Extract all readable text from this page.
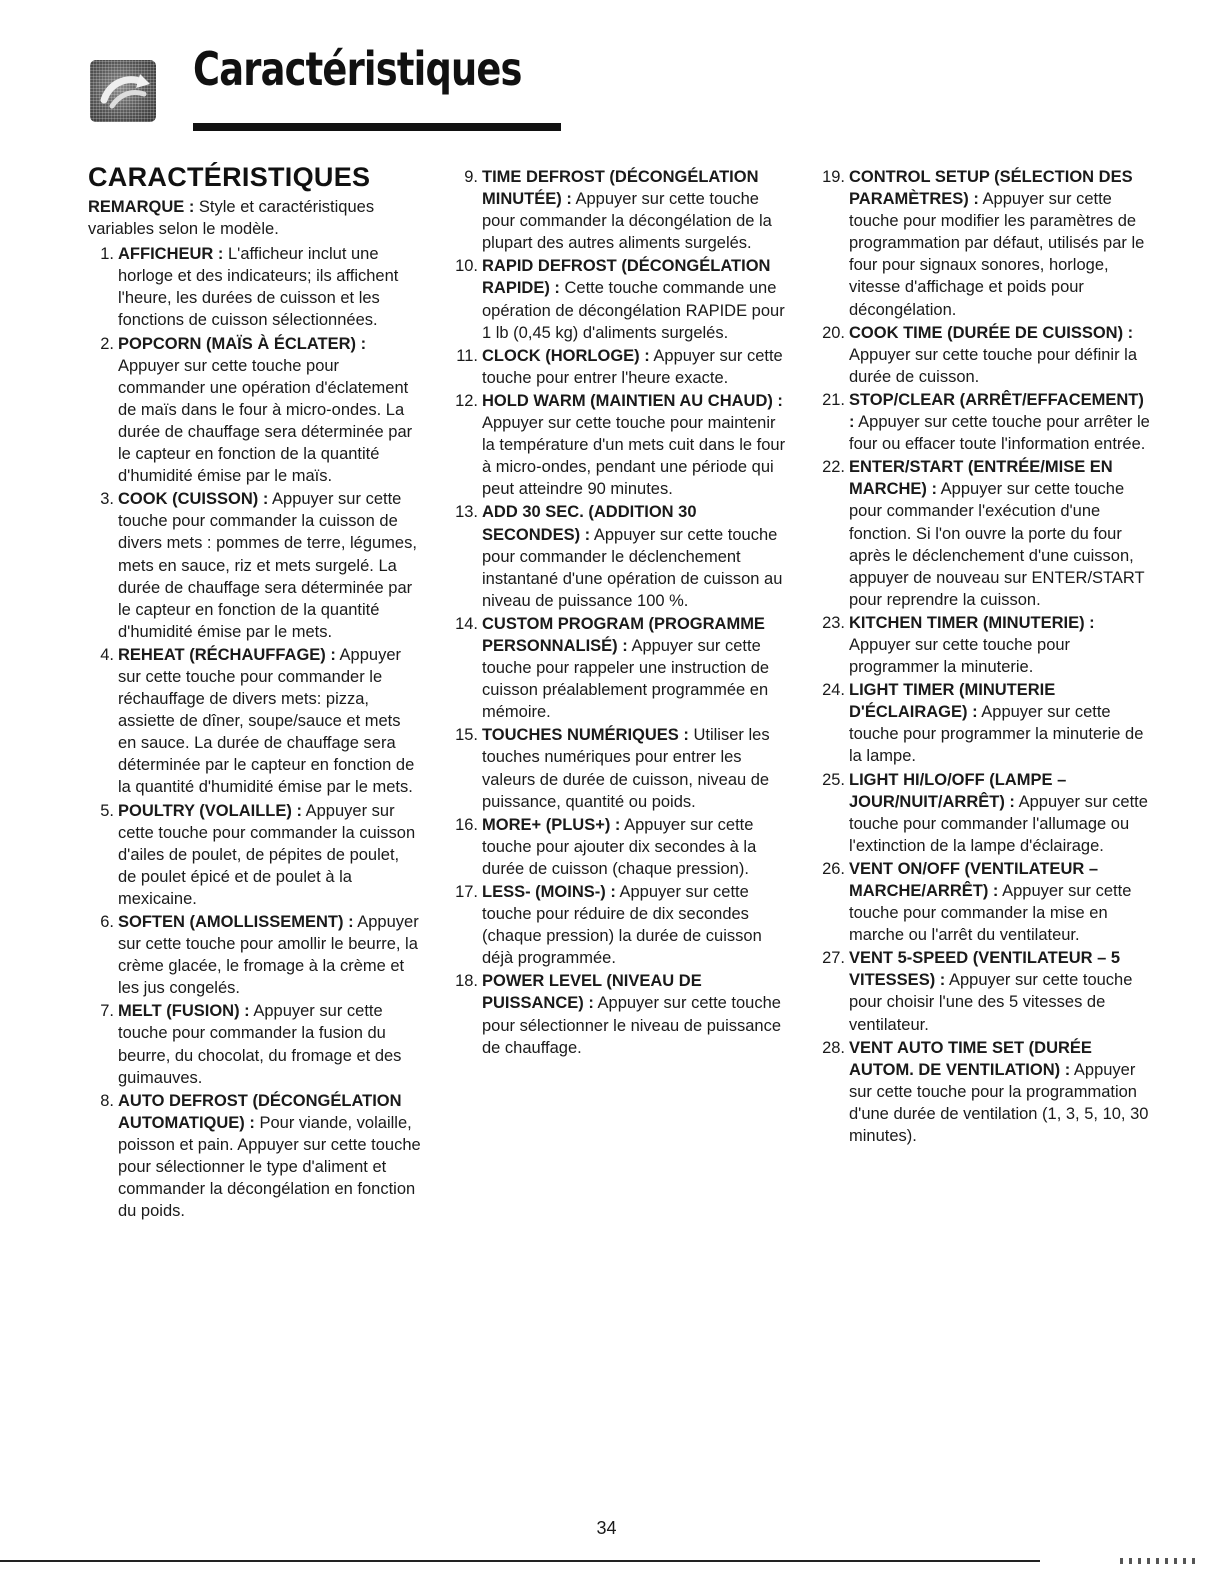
Caractéristiques
CARACTÉRISTIQUES

REMARQUE : Style et caractéristiques variables selon le modèle.

1. AFFICHEUR : L'afficheur inclut une horloge et des indicateurs; ils affichent l'heure, les durées de cuisson et les fonctions de cuisson sélectionnées.
2. POPCORN (MAÏS À ÉCLATER) : Appuyer sur cette touche pour commander une opération d'éclatement de maïs dans le four à micro-ondes. La durée de chauffage sera déterminée par le capteur en fonction de la quantité d'humidité émise par le maïs.
3. COOK (CUISSON) : Appuyer sur cette touche pour commander la cuisson de divers mets : pommes de terre, légumes, mets en sauce, riz et mets surgelé. La durée de chauffage sera déterminée par le capteur en fonction de la quantité d'humidité émise par le mets.
4. REHEAT (RÉCHAUFFAGE) : Appuyer sur cette touche pour commander le réchauffage de divers mets: pizza, assiette de dîner, soupe/sauce et mets en sauce. La durée de chauffage sera déterminée par le capteur en fonction de la quantité d'humidité émise par le mets.
5. POULTRY (VOLAILLE) : Appuyer sur cette touche pour commander la cuisson d'ailes de poulet, de pépites de poulet, de poulet épicé et de poulet à la mexicaine.
6. SOFTEN (AMOLLISSEMENT) : Appuyer sur cette touche pour amollir le beurre, la crème glacée, le fromage à la crème et les jus congelés.
7. MELT (FUSION) : Appuyer sur cette touche pour commander la fusion du beurre, du chocolat, du fromage et des guimauves.
8. AUTO DEFROST (DÉCONGÉLATION AUTOMATIQUE) : Pour viande, volaille, poisson et pain. Appuyer sur cette touche pour sélectionner le type d'aliment et commander la décongélation en fonction du poids.
9. TIME DEFROST (DÉCONGÉLATION MINUTÉE) : Appuyer sur cette touche pour commander la décongélation de la plupart des autres aliments surgelés.
10. RAPID DEFROST (DÉCONGÉLATION RAPIDE) : Cette touche commande une opération de décongélation RAPIDE pour 1 lb (0,45 kg) d'aliments surgelés.
11. CLOCK (HORLOGE) : Appuyer sur cette touche pour entrer l'heure exacte.
12. HOLD WARM (MAINTIEN AU CHAUD) : Appuyer sur cette touche pour maintenir la température d'un mets cuit dans le four à micro-ondes, pendant une période qui peut atteindre 90 minutes.
13. ADD 30 SEC. (ADDITION 30 SECONDES) : Appuyer sur cette touche pour commander le déclenchement instantané d'une opération de cuisson au niveau de puissance 100 %.
14. CUSTOM PROGRAM (PROGRAMME PERSONNALISÉ) : Appuyer sur cette touche pour rappeler une instruction de cuisson préalablement programmée en mémoire.
15. TOUCHES NUMÉRIQUES : Utiliser les touches numériques pour entrer les valeurs de durée de cuisson, niveau de puissance, quantité ou poids.
16. MORE+ (PLUS+) : Appuyer sur cette touche pour ajouter dix secondes à la durée de cuisson (chaque pression).
17. LESS- (MOINS-) : Appuyer sur cette touche pour réduire de dix secondes (chaque pression) la durée de cuisson déjà programmée.
18. POWER LEVEL (NIVEAU DE PUISSANCE) : Appuyer sur cette touche pour sélectionner le niveau de puissance de chauffage.
19. CONTROL SETUP (SÉLECTION DES PARAMÈTRES) : Appuyer sur cette touche pour modifier les paramètres de programmation par défaut, utilisés par le four pour signaux sonores, horloge, vitesse d'affichage et poids pour décongélation.
20. COOK TIME (DURÉE DE CUISSON) : Appuyer sur cette touche pour définir la durée de cuisson.
21. STOP/CLEAR (ARRÊT/EFFACEMENT) : Appuyer sur cette touche pour arrêter le four ou effacer toute l'information entrée.
22. ENTER/START (ENTRÉE/MISE EN MARCHE) : Appuyer sur cette touche pour commander l'exécution d'une fonction. Si l'on ouvre la porte du four après le déclenchement d'une cuisson, appuyer de nouveau sur ENTER/START pour reprendre la cuisson.
23. KITCHEN TIMER (MINUTERIE) : Appuyer sur cette touche pour programmer la minuterie.
24. LIGHT TIMER (MINUTERIE D'ÉCLAIRAGE) : Appuyer sur cette touche pour programmer la minuterie de la lampe.
25. LIGHT HI/LO/OFF (LAMPE – JOUR/NUIT/ARRÊT) : Appuyer sur cette touche pour commander l'allumage ou l'extinction de la lampe d'éclairage.
26. VENT ON/OFF (VENTILATEUR – MARCHE/ARRÊT) : Appuyer sur cette touche pour commander la mise en marche ou l'arrêt du ventilateur.
27. VENT 5-SPEED (VENTILATEUR – 5 VITESSES) : Appuyer sur cette touche pour choisir l'une des 5 vitesses de ventilateur.
28. VENT AUTO TIME SET (DURÉE AUTOM. DE VENTILATION) : Appuyer sur cette touche pour la programmation d'une durée de ventilation (1, 3, 5, 10, 30 minutes).
34
